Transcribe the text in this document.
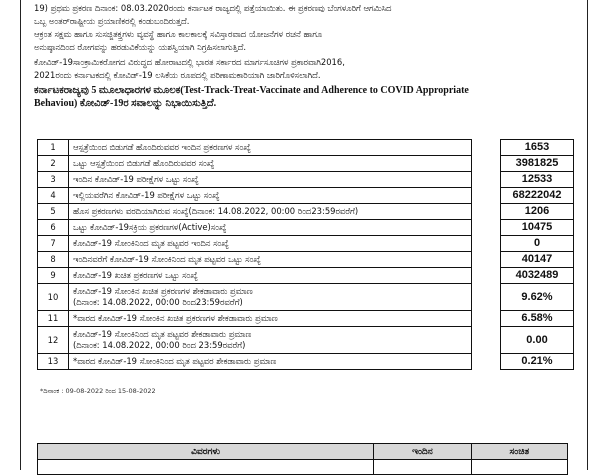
19) ಪ್ರಥಮ ಪ್ರಕರಣ ದಿನಾಂಕ: 08.03.2020ರಂದು ಕರ್ನಾಟಕ ರಾಜ್ಯದಲ್ಲಿ ಪತ್ತೆಯಾಯಿತು. ಈ ಪ್ರಕರಣವು ಬೆಂಗಳೂರಿಗೆ ಆಗಮಿಸಿದ

ಒಬ್ಬ ಅಂತರ್‌ರಾಷ್ಟ್ರೀಯ ಪ್ರಯಾಣಿಕರಲ್ಲಿ ಕಂಡುಬಂದಿರುತ್ತದೆ.

ಆಕ್ರಂತ ಸಕ್ಷಮ ಹಾಗೂ ಸುಸಜ್ಜಿತಕ್ತ್ರಗಳು ವ್ಯವಸ್ಥೆ ಹಾಗೂ ಕಾಲಕಾಲಕ್ಕೆ ಸವಿಸ್ತಾರವಾದ ಯೋಜನೆಗಳ ರಚನೆ ಹಾಗೂ

ಅನುಷ್ಠಾನದಿಂದ ರೋಗವನ್ನು ಹರಡುವಿಕೆಯನ್ನು ಯಶಸ್ವಿಯಾಗಿ ನಿಗ್ರಹಿಸಲಾಗುತ್ತಿದೆ.

ಕೋವಿಡ್-19ಸಾಂಕ್ರಾಮಿಕರೋಗದ ವಿರುದ್ಧದ ಹೋರಾಟದಲ್ಲಿ ಭಾರತ ಸರ್ಕಾರದ ಮಾರ್ಗಸೂಚಿಗಳ ಪ್ರಕಾರವಾಗಿ2016,

2021ರಂದು ಕರ್ನಾಟಕದಲ್ಲಿ ಕೋವಿಡ್-19 ಲಸಿಕೆಯ ರೂಪದಲ್ಲಿ ಪರಿಣಾಮಕಾರಿಯಾಗಿ ಜಾರಿಗೊಳಿಸಲಾಗಿದೆ.

ಕರ್ನಾಟಕರಾಜ್ಯವು 5 ಮೂಲಾಧಾರಗಳ ಮೂಲಕ(Test-Track-Treat-Vaccinate and Adherence to COVID Appropriate

Behaviou) ಕೋವಿಡ್-19ರ ಸವಾಲನ್ನು ನಿಭಾಯಿಸುತ್ತಿದೆ.

1	ಆಸ್ಪತ್ರೆಯಿಂದ ಬಿಡುಗಡೆ ಹೊಂದಿರುವವರ ಇಂದಿನ ಪ್ರಕರಣಗಳ ಸಂಖ್ಯೆ		1653
2	ಒಟ್ಟು ಆಸ್ಪತ್ರೆಯಿಂದ ಬಿಡುಗಡೆ ಹೊಂದಿರುವವರ ಸಂಖ್ಯೆ		3981825
3	ಇಂದಿನ ಕೋವಿಡ್-19 ಪರೀಕ್ಷೆಗಳ ಒಟ್ಟು ಸಂಖ್ಯೆ		12533
4	ಇಲ್ಲಿಯವರೆಗಿನ ಕೋವಿಡ್-19 ಪರೀಕ್ಷೆಗಳ ಒಟ್ಟು ಸಂಖ್ಯೆ		68222042
5	ಹೊಸ ಪ್ರಕರಣಗಳು ವರದಿಯಾಗಿರುವ ಸಂಖ್ಯೆ(ದಿನಾಂಕ: 14.08.2022, 00:00 ರಿಂದ23:59ರವರೆಗೆ)		1206
6	ಒಟ್ಟು ಕೋವಿಡ್-19ಸಕ್ರಿಯ ಪ್ರಕರಣಗಳ(Active)ಸಂಖ್ಯೆ		10475
7	ಕೋವಿಡ್-19 ಸೋಂಕಿನಿಂದ ಮೃತ ಪಟ್ಟವರ ಇಂದಿನ ಸಂಖ್ಯೆ		0
8	ಇಂದಿನವರೆಗೆ ಕೋವಿಡ್-19 ಸೋಂಕಿನಿಂದ ಮೃತ ಪಟ್ಟವರ ಒಟ್ಟು ಸಂಖ್ಯೆ		40147
9	ಕೋವಿಡ್-19 ಖಚಿತ ಪ್ರಕರಣಗಳ ಒಟ್ಟು ಸಂಖ್ಯೆ		4032489
10	ಕೋವಿಡ್-19 ಸೋಂಕಿನ ಖಚಿತ ಪ್ರಕರಣಗಳ ಶೇಕಡಾವಾರು ಪ್ರಮಾಣ
(ದಿನಾಂಕ: 14.08.2022, 00:00 ರಿಂದ23:59ರವರೆಗೆ)		9.62%
11	*ವಾರದ ಕೋವಿಡ್-19 ಸೋಂಕಿನ ಖಚಿತ ಪ್ರಕರಣಗಳ ಶೇಕಡಾವಾರು ಪ್ರಮಾಣ		6.58%
12	ಕೋವಿಡ್-19 ಸೋಂಕಿನಿಂದ ಮೃತ ಪಟ್ಟವರ ಶೇಕಡಾವಾರು ಪ್ರಮಾಣ
(ದಿನಾಂಕ: 14.08.2022, 00:00 ರಿಂದ 23:59ರವರೆಗೆ)		0.00
13	*ವಾರದ ಕೋವಿಡ್-19 ಸೋಂಕಿನಿಂದ ಮೃತ ಪಟ್ಟವರ ಶೇಕಡಾವಾರು ಪ್ರಮಾಣ		0.21%
*ದಿನಾಂಕ : 09-08-2022 ರಿಂದ 15-08-2022
ವಿವರಗಳು	ಇಂದಿನ	ಸಂಚಿತ
